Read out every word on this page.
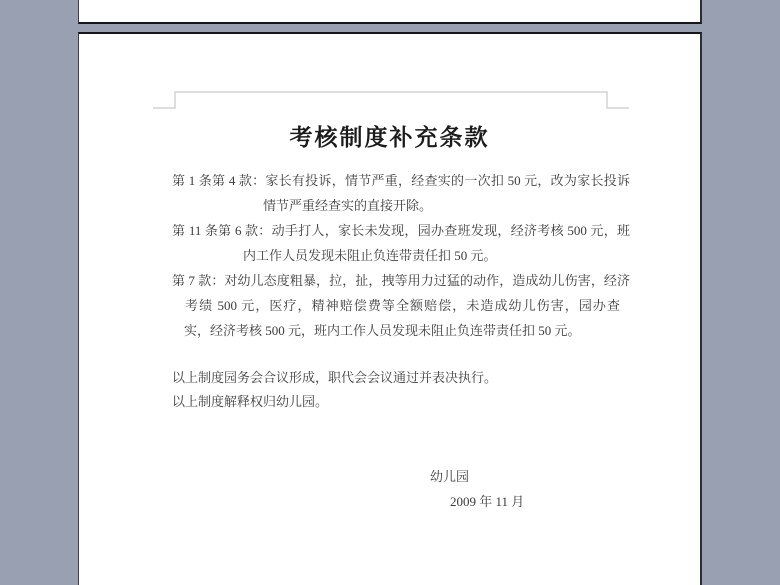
考核制度补充条款
第 1 条第 4 款：家长有投诉，情节严重，经查实的一次扣 50 元，改为家长投诉
情节严重经查实的直接开除。
第 11 条第 6 款：动手打人，家长未发现，园办查班发现，经济考核 500 元，班
内工作人员发现未阻止负连带责任扣 50 元。
第 7 款：对幼儿态度粗暴，拉，扯，拽等用力过猛的动作，造成幼儿伤害，经济
考绩 500 元，医疗，精神赔偿费等全额赔偿，未造成幼儿伤害，园办查
实，经济考核 500 元，班内工作人员发现未阻止负连带责任扣 50 元。
以上制度园务会合议形成，职代会会议通过并表决执行。
以上制度解释权归幼儿园。
幼儿园
2009 年 11 月
